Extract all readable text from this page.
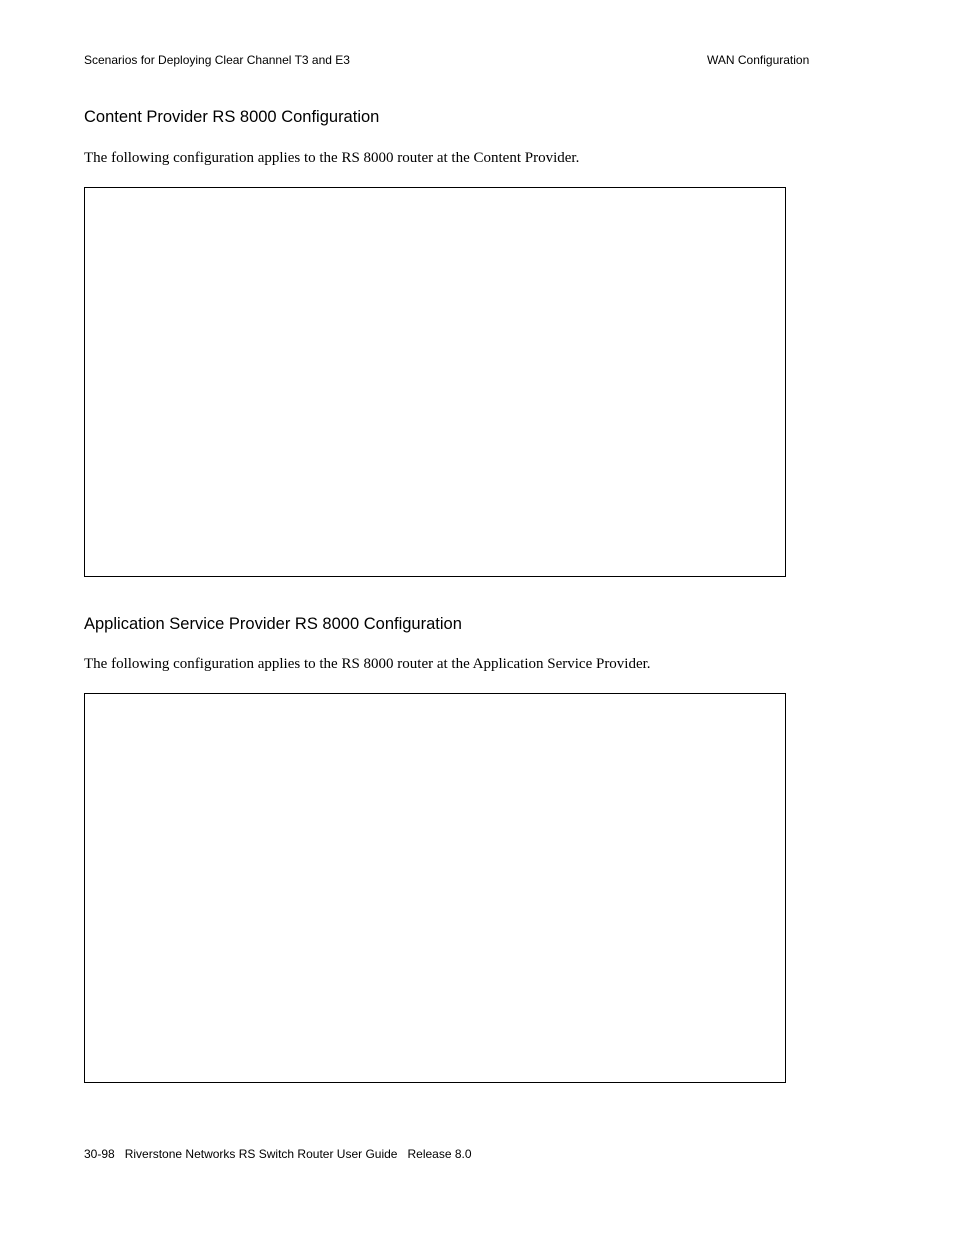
Scenarios for Deploying Clear Channel T3 and E3	WAN Configuration
Content Provider RS 8000 Configuration

The following configuration applies to the RS 8000 router at the Content Provider.

Application Service Provider RS 8000 Configuration

The following configuration applies to the RS 8000 router at the Application Service Provider.

30-98 Riverstone Networks RS Switch Router User Guide Release 8.0
